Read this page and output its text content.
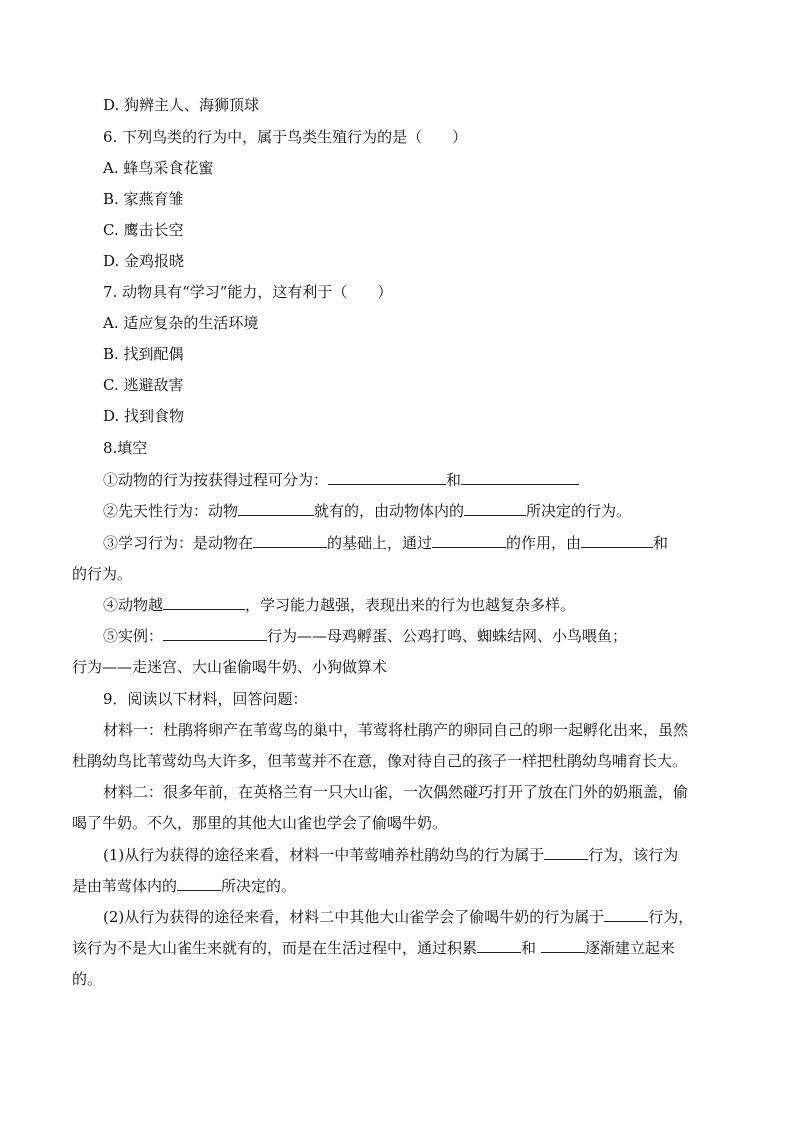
D. 狗辨主人、海狮顶球
6. 下列鸟类的行为中，属于鸟类生殖行为的是（　　）
A. 蜂鸟采食花蜜
B. 家燕育雏
C. 鹰击长空
D. 金鸡报晓
7. 动物具有“学习”能力，这有利于（　　）
A. 适应复杂的生活环境
B. 找到配偶
C. 逃避敌害
D. 找到食物
8.填空
①动物的行为按获得过程可分为：	和
②先天性行为：动物	就有的，由动物体内的	所决定的行为。
③学习行为：是动物在	的基础上，通过	的作用，由	和
的行为。
④动物越	，学习能力越强，表现出来的行为也越复杂多样。
⑤实例：	行为——母鸡孵蛋、公鸡打鸣、蜘蛛结网、小鸟喂鱼；
行为——走迷宫、大山雀偷喝牛奶、小狗做算术
9．阅读以下材料，回答问题：
材料一：杜鹃将卵产在苇莺鸟的巢中，苇莺将杜鹃产的卵同自己的卵一起孵化出来，虽然
杜鹃幼鸟比苇莺幼鸟大许多，但苇莺并不在意，像对待自己的孩子一样把杜鹃幼鸟哺育长大。
材料二：很多年前，在英格兰有一只大山雀，一次偶然碰巧打开了放在门外的奶瓶盖，偷
喝了牛奶。不久，那里的其他大山雀也学会了偷喝牛奶。
(1)从行为获得的途径来看，材料一中苇莺哺养杜鹃幼鸟的行为属于	行为，该行为
是由苇莺体内的	所决定的。
(2)从行为获得的途径来看，材料二中其他大山雀学会了偷喝牛奶的行为属于	行为，
该行为不是大山雀生来就有的，而是在生活过程中，通过积累	和	逐渐建立起来
的。
